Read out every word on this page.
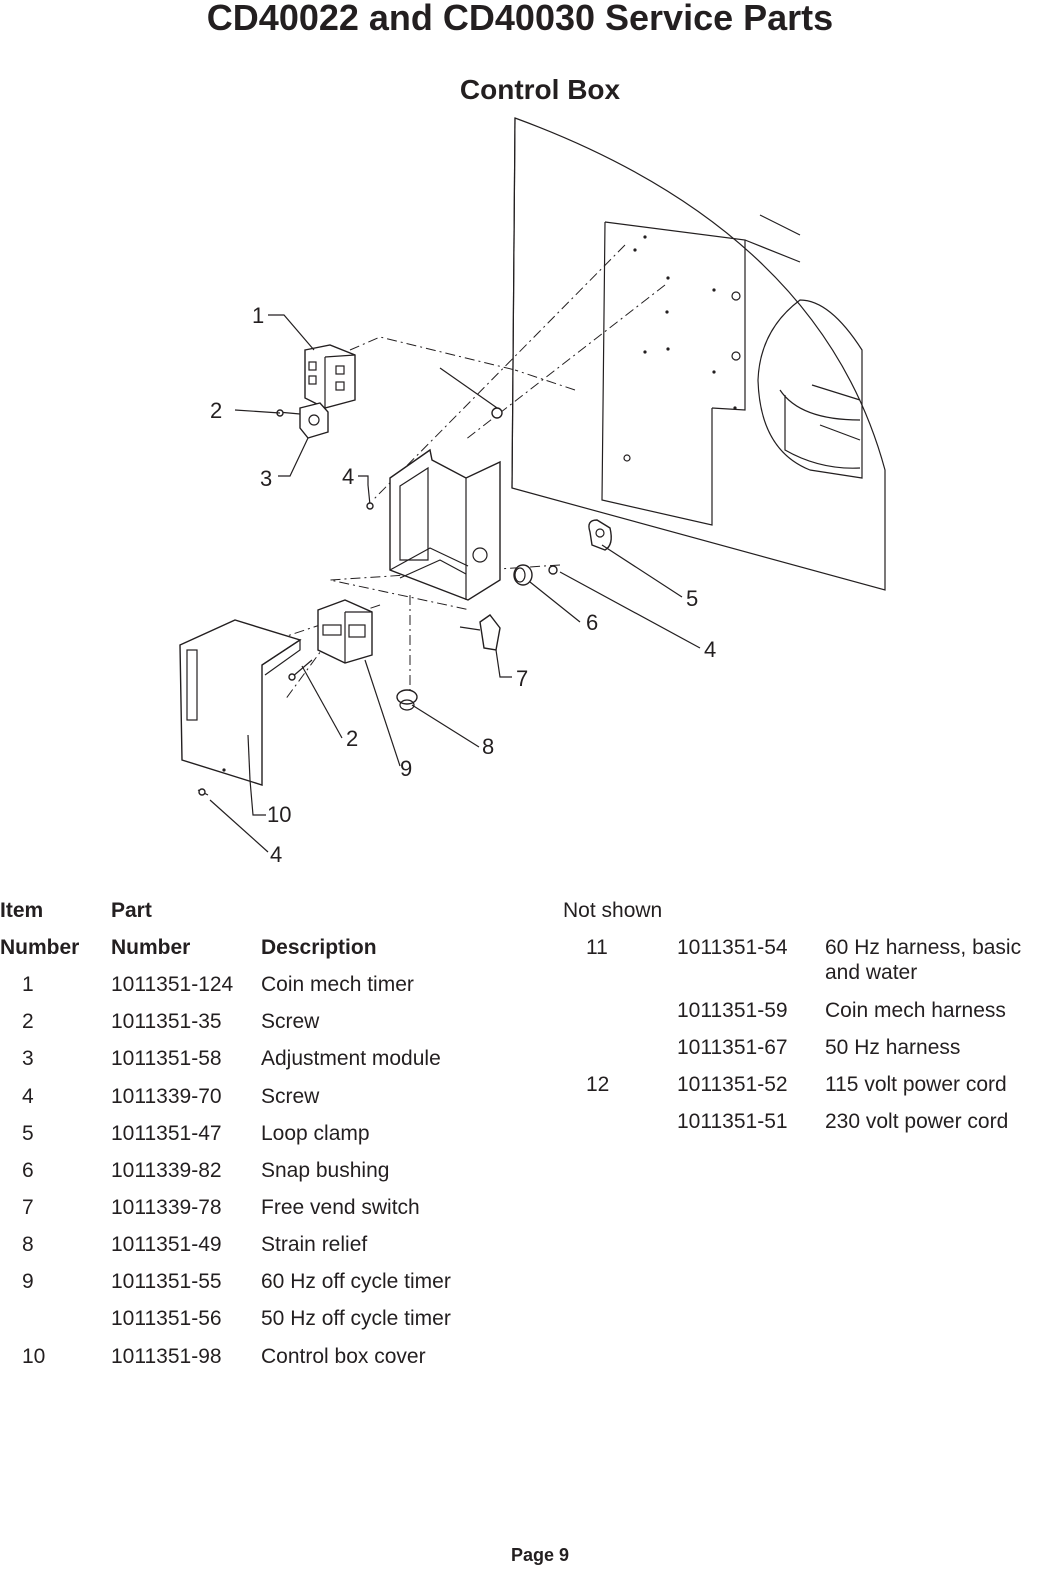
CD40022 and CD40030 Service Parts
Control Box
1
2
3	4
5
6
4
7
2	8
9
10
4
Item	Part
Number Number	Description
1	1011351-124 Coin mech timer
2	1011351-35 Screw
3	1011351-58 Adjustment module
4	1011339-70 Screw
5	1011351-47 Loop clamp
6	1011339-82 Snap bushing
7	1011339-78 Free vend switch
8	1011351-49 Strain relief
9	1011351-55 60 Hz off cycle timer
1011351-56 50 Hz off cycle timer
10	1011351-98 Control box cover
Not shown
11	1011351-54 60 Hz harness, basic
and water
1011351-59 Coin mech harness
1011351-67 50 Hz harness
12	1011351-52 115 volt power cord
1011351-51 230 volt power cord
Page 9
